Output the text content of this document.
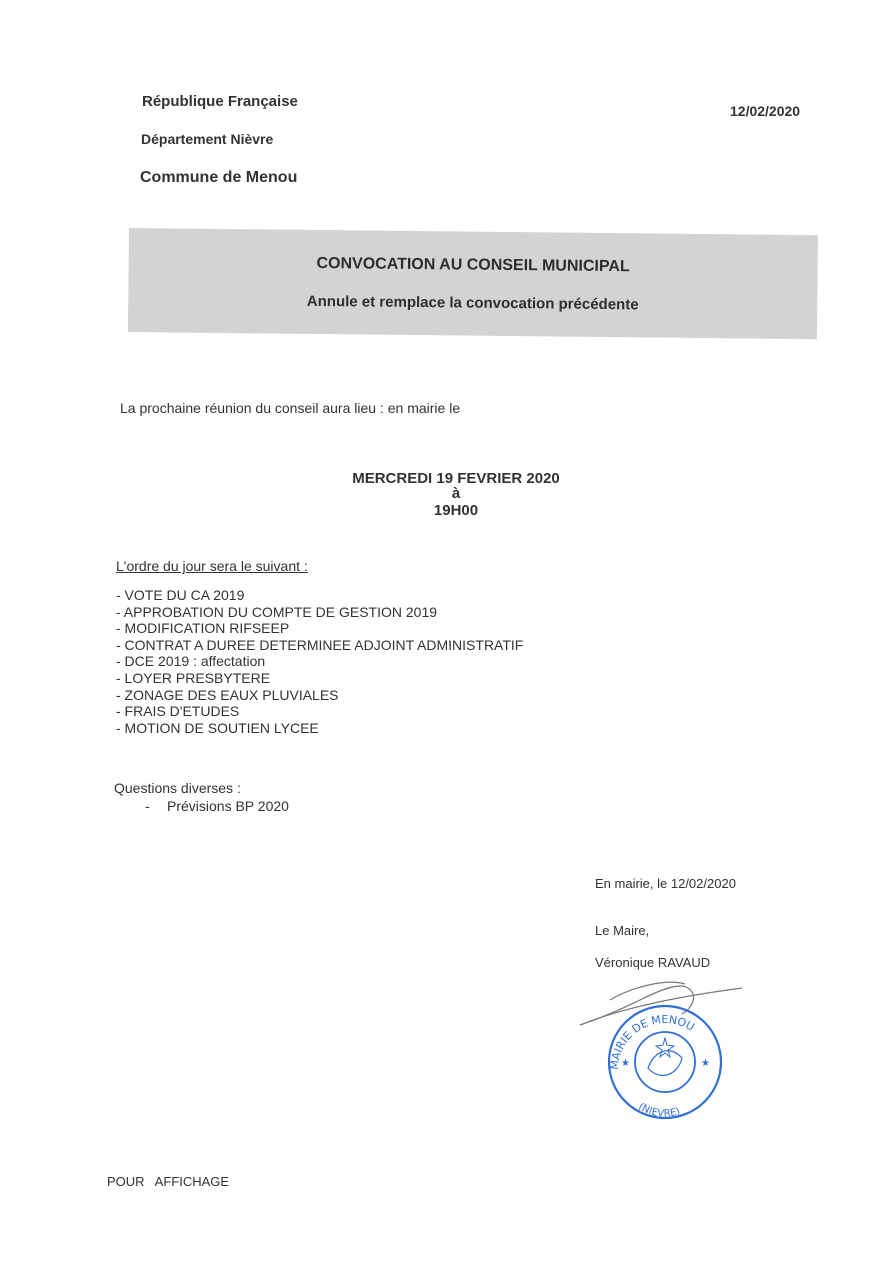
République Française
Département Nièvre
Commune de Menou
12/02/2020
CONVOCATION AU CONSEIL MUNICIPAL
Annule et remplace la convocation précédente
La prochaine réunion du conseil aura lieu : en mairie le
MERCREDI 19 FEVRIER 2020
à
19H00
L'ordre du jour sera le suivant :
- VOTE DU CA 2019
- APPROBATION DU COMPTE DE GESTION 2019
- MODIFICATION RIFSEEP
- CONTRAT A DUREE DETERMINEE ADJOINT ADMINISTRATIF
- DCE 2019 : affectation
- LOYER PRESBYTERE
- ZONAGE DES EAUX PLUVIALES
- FRAIS D'ETUDES
- MOTION DE SOUTIEN LYCEE
Questions diverses :
- Prévisions BP 2020
En mairie, le 12/02/2020
Le Maire,
Véronique RAVAUD
★	★
MAIRIE DE MENOU
(NIEVRE)
POUR   AFFICHAGE
